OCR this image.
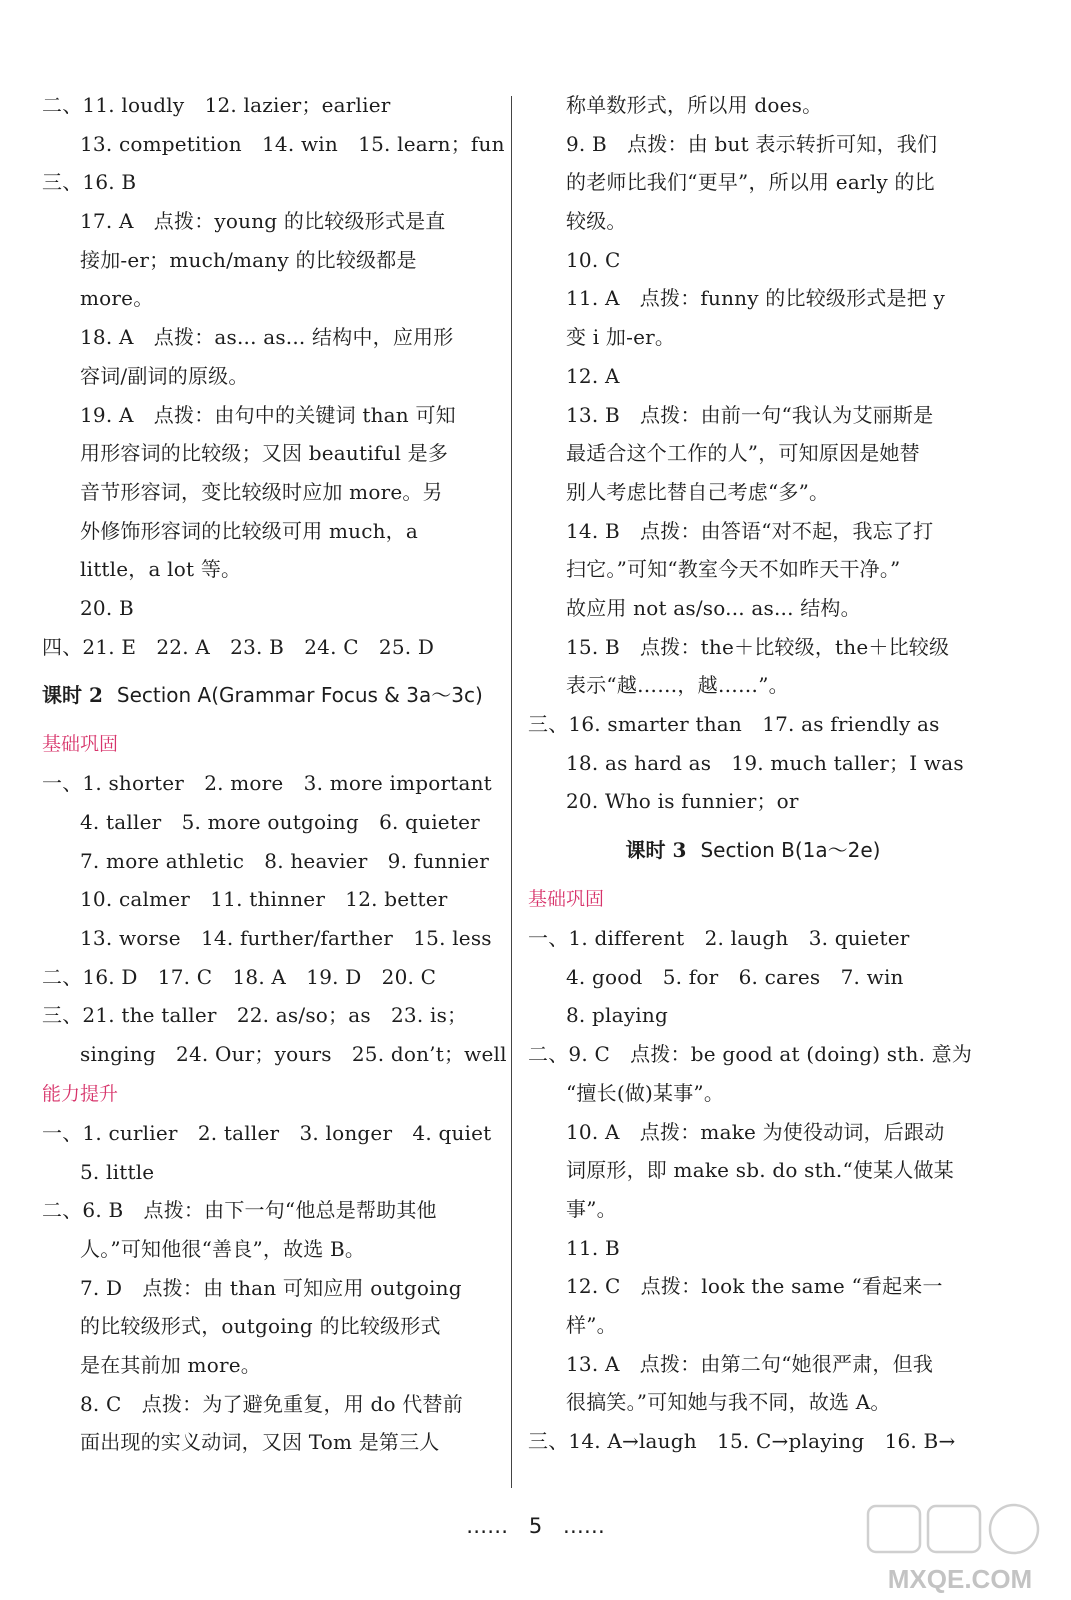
二、11. loudly　12. lazier；earlier
13. competition　14. win　15. learn；fun
三、16. B
17. A　点拨：young 的比较级形式是直
接加-er；much/many 的比较级都是
more。
18. A　点拨：as... as... 结构中，应用形
容词/副词的原级。
19. A　点拨：由句中的关键词 than 可知
用形容词的比较级；又因 beautiful 是多
音节形容词，变比较级时应加 more。另
外修饰形容词的比较级可用 much，a
little，a lot 等。
20. B
四、21. E　22. A　23. B　24. C　25. D
课时 2 Section A(Grammar Focus & 3a～3c)
基础巩固
一、1. shorter　2. more　3. more important
4. taller　5. more outgoing　6. quieter
7. more athletic　8. heavier　9. funnier
10. calmer　11. thinner　12. better
13. worse　14. further/farther　15. less
二、16. D　17. C　18. A　19. D　20. C
三、21. the taller　22. as/so；as　23. is；
singing　24. Our；yours　25. don’t；well
能力提升
一、1. curlier　2. taller　3. longer　4. quiet
5. little
二、6. B　点拨：由下一句“他总是帮助其他
人。”可知他很“善良”，故选 B。
7. D　点拨：由 than 可知应用 outgoing
的比较级形式，outgoing 的比较级形式
是在其前加 more。
8. C　点拨：为了避免重复，用 do 代替前
面出现的实义动词，又因 Tom 是第三人
称单数形式，所以用 does。
9. B　点拨：由 but 表示转折可知，我们
的老师比我们“更早”，所以用 early 的比
较级。
10. C
11. A　点拨：funny 的比较级形式是把 y
变 i 加-er。
12. A
13. B　点拨：由前一句“我认为艾丽斯是
最适合这个工作的人”，可知原因是她替
别人考虑比替自己考虑“多”。
14. B　点拨：由答语“对不起，我忘了打
扫它。”可知“教室今天不如昨天干净。”
故应用 not as/so... as... 结构。
15. B　点拨：the＋比较级，the＋比较级
表示“越……，越……”。
三、16. smarter than　17. as friendly as
18. as hard as　19. much taller；I was
20. Who is funnier；or
课时 3 Section B(1a～2e)
基础巩固
一、1. different　2. laugh　3. quieter
4. good　5. for　6. cares　7. win
8. playing
二、9. C　点拨：be good at (doing) sth. 意为
“擅长(做)某事”。
10. A　点拨：make 为使役动词，后跟动
词原形，即 make sb. do sth.“使某人做某
事”。
11. B
12. C　点拨：look the same “看起来一
样”。
13. A　点拨：由第二句“她很严肃，但我
很搞笑。”可知她与我不同，故选 A。
三、14. A→laugh　15. C→playing　16. B→
…… 5 ……
MXQE.COM
